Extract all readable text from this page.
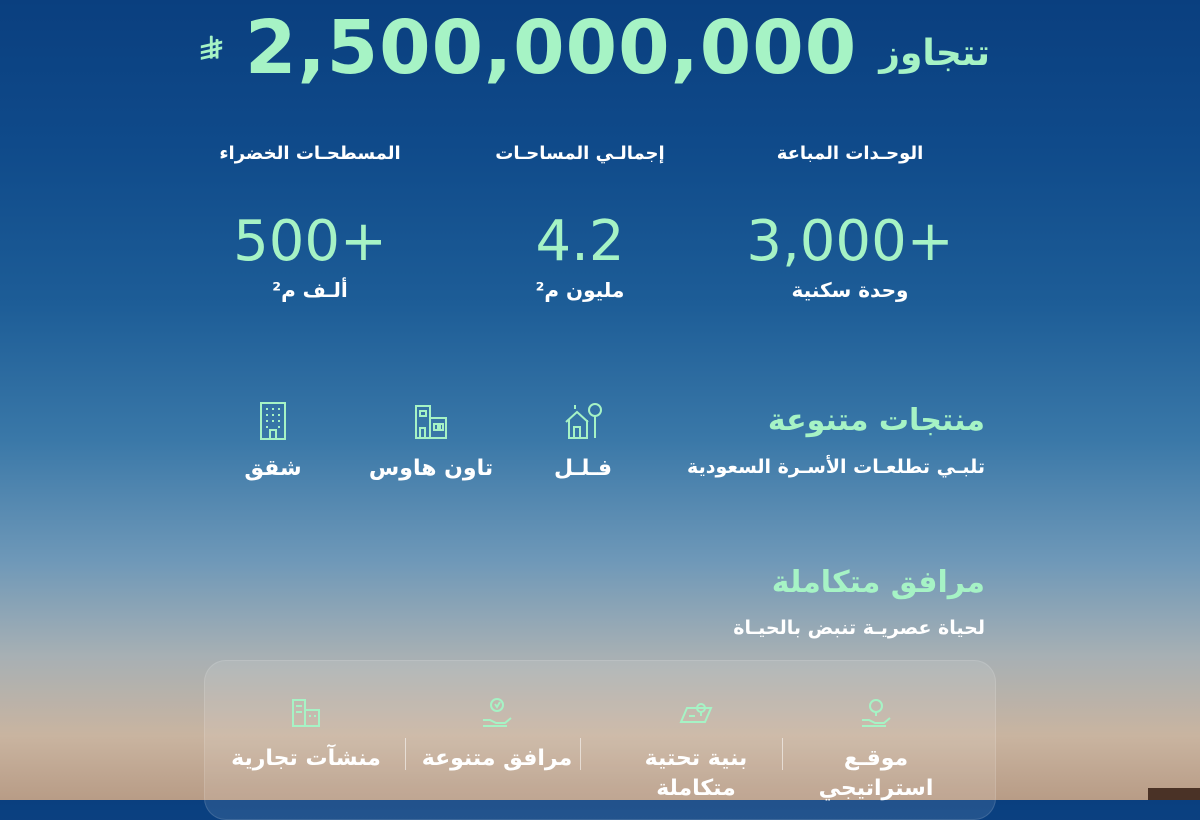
تتجاوز
2,500,000,000
الوحـدات المباعة
3,000+
وحدة سكنية
إجمالـي المساحـات
4.2
مليون م²
المسطحـات الخضراء
500+
ألـف م²
منتجات متنوعة
تلبـي تطلعـات الأسـرة السعودية
فـلـل
تاون هاوس
شقق
مرافق متكاملة
لحياة عصريـة تنبض بالحيـاة
موقـع استراتيجي
بنية تحتية متكاملة
مرافق متنوعة
منشآت تجارية
